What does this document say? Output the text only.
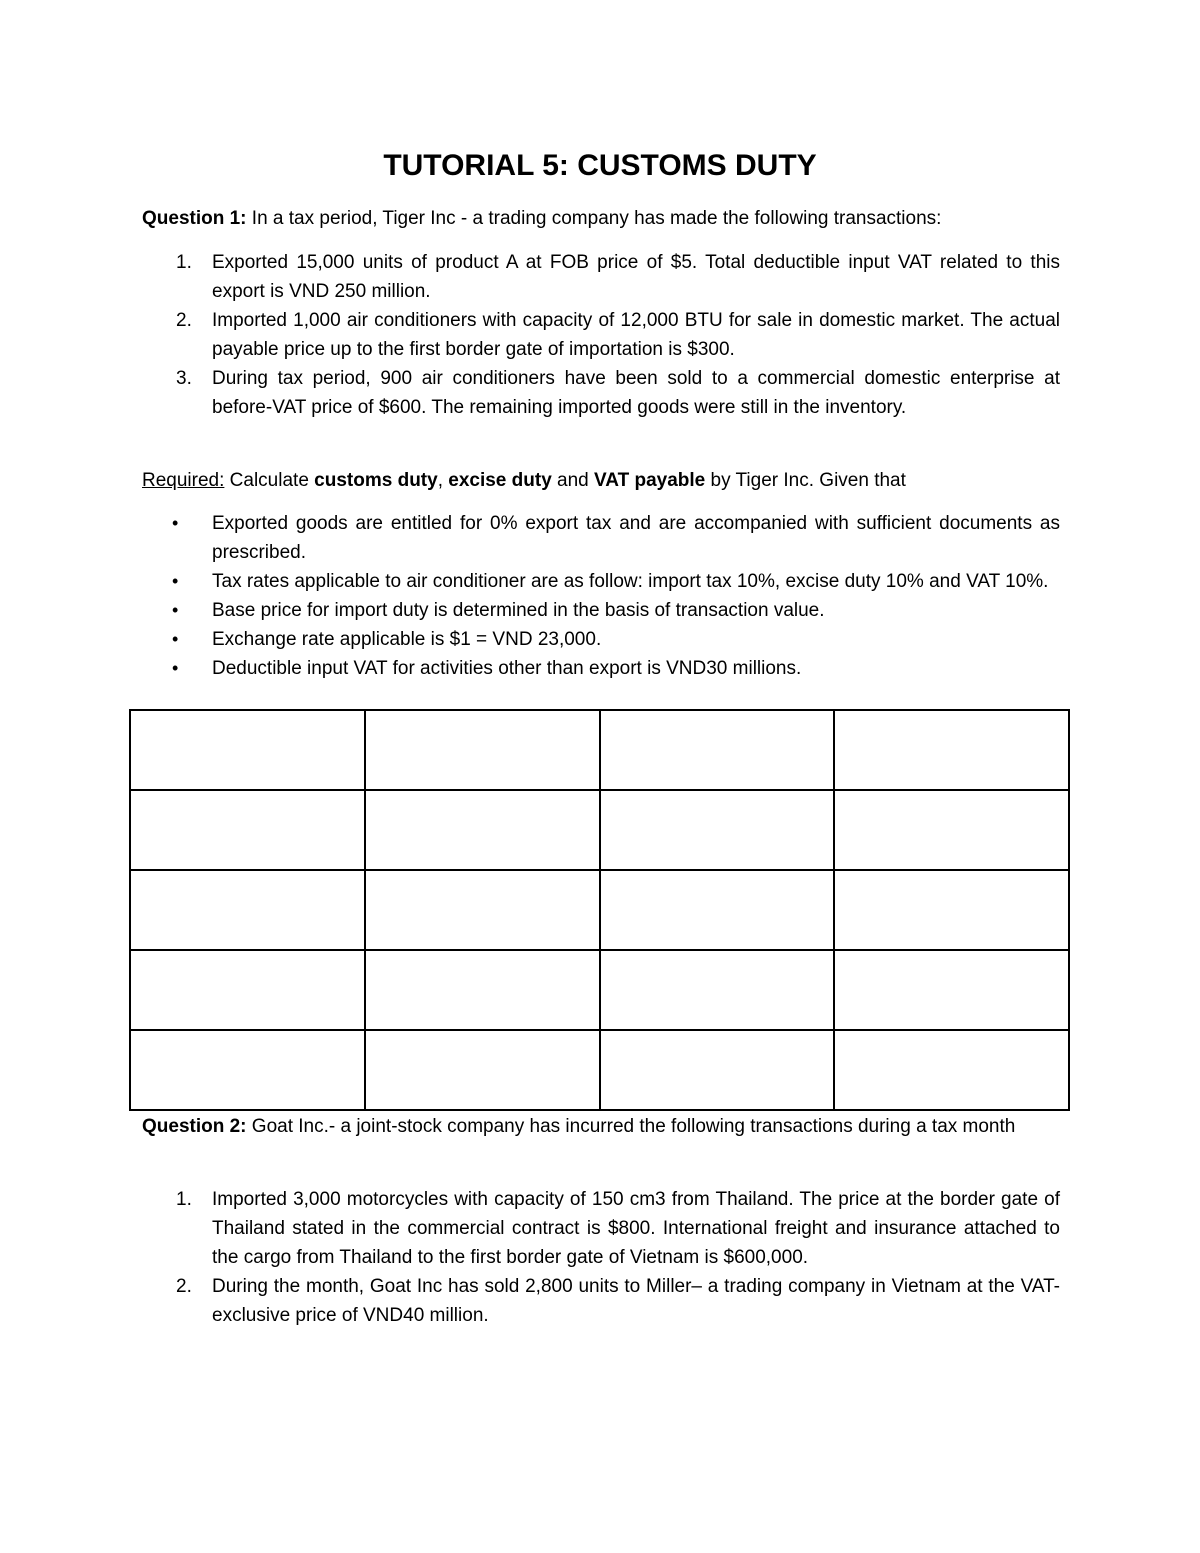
TUTORIAL 5: CUSTOMS DUTY
Question 1: In a tax period, Tiger Inc - a trading company has made the following transactions:
1. Exported 15,000 units of product A at FOB price of $5. Total deductible input VAT related to this export is VND 250 million.
2. Imported 1,000 air conditioners with capacity of 12,000 BTU for sale in domestic market. The actual payable price up to the first border gate of importation is $300.
3. During tax period, 900 air conditioners have been sold to a commercial domestic enterprise at before-VAT price of $600. The remaining imported goods were still in the inventory.
Required: Calculate customs duty, excise duty and VAT payable by Tiger Inc. Given that
• Exported goods are entitled for 0% export tax and are accompanied with sufficient documents as prescribed.
• Tax rates applicable to air conditioner are as follow: import tax 10%, excise duty 10% and VAT 10%.
• Base price for import duty is determined in the basis of transaction value.
• Exchange rate applicable is $1 = VND 23,000.
• Deductible input VAT for activities other than export is VND30 millions.

Question 2: Goat Inc.- a joint-stock company has incurred the following transactions during a tax month
1. Imported 3,000 motorcycles with capacity of 150 cm3 from Thailand. The price at the border gate of Thailand stated in the commercial contract is $800. International freight and insurance attached to the cargo from Thailand to the first border gate of Vietnam is $600,000.
2. During the month, Goat Inc has sold 2,800 units to Miller– a trading company in Vietnam at the VAT-exclusive price of VND40 million.
